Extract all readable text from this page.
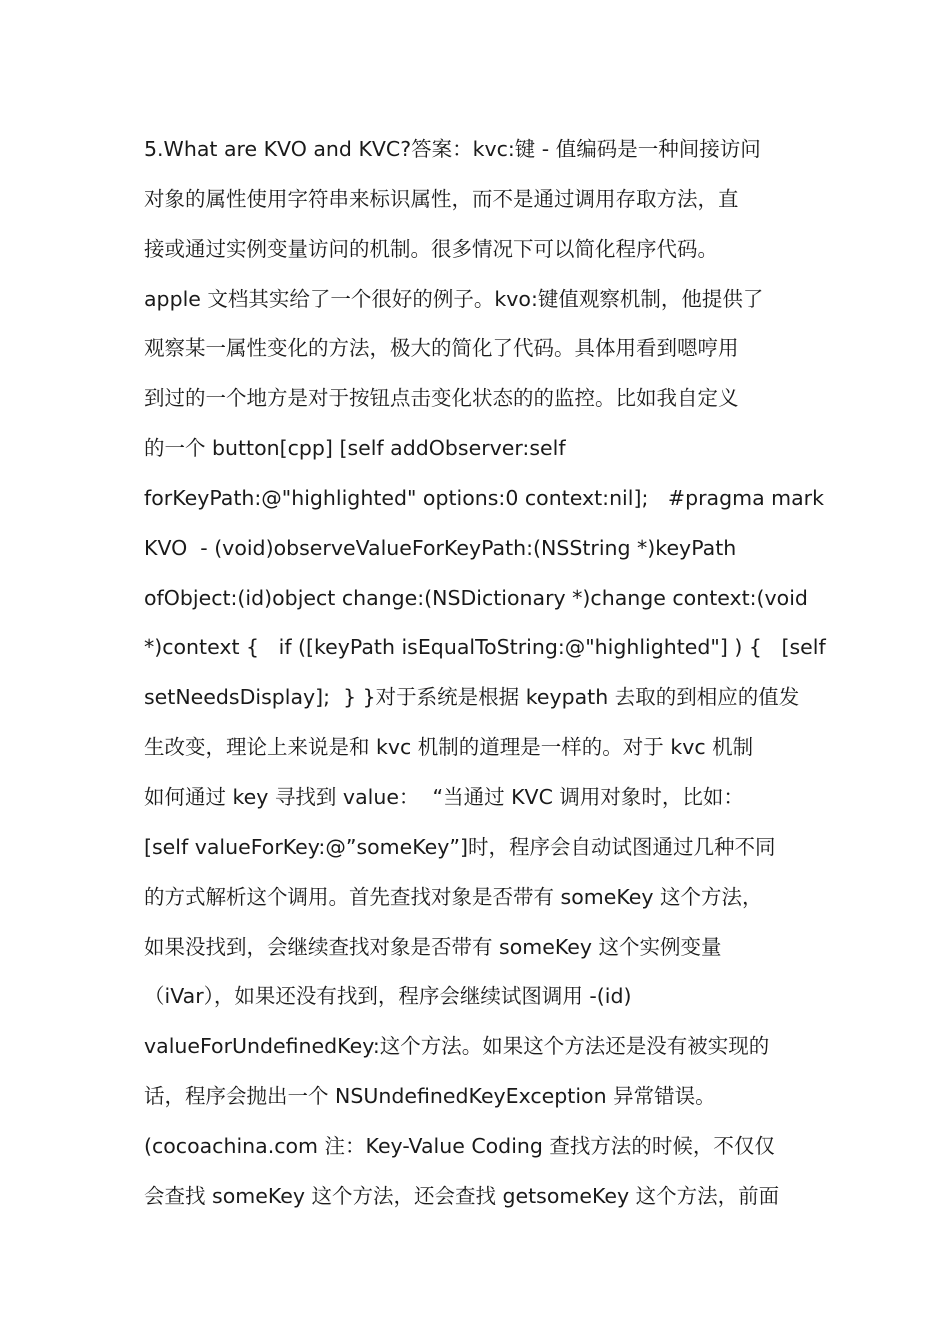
5.What are KVO and KVC?答案：kvc:键 - 值编码是一种间接访问
对象的属性使用字符串来标识属性，而不是通过调用存取方法，直
接或通过实例变量访问的机制。很多情况下可以简化程序代码。
apple 文档其实给了一个很好的例子。kvo:键值观察机制，他提供了
观察某一属性变化的方法，极大的简化了代码。具体用看到嗯哼用
到过的一个地方是对于按钮点击变化状态的的监控。比如我自定义
的一个 button[cpp] [self addObserver:self
forKeyPath:@"highlighted" options:0 context:nil];   #pragma mark
KVO  - (void)observeValueForKeyPath:(NSString *)keyPath
ofObject:(id)object change:(NSDictionary *)change context:(void
*)context {   if ([keyPath isEqualToString:@"highlighted"] ) {   [self
setNeedsDisplay];  } }对于系统是根据 keypath 去取的到相应的值发
生改变，理论上来说是和 kvc 机制的道理是一样的。对于 kvc 机制
如何通过 key 寻找到 value：  “当通过 KVC 调用对象时，比如：
[self valueForKey:@”someKey”]时，程序会自动试图通过几种不同
的方式解析这个调用。首先查找对象是否带有 someKey 这个方法，
如果没找到，会继续查找对象是否带有 someKey 这个实例变量
（iVar），如果还没有找到，程序会继续试图调用 -(id)
valueForUndefinedKey:这个方法。如果这个方法还是没有被实现的
话，程序会抛出一个 NSUndefinedKeyException 异常错误。
(cocoachina.com 注：Key-Value Coding 查找方法的时候，不仅仅
会查找 someKey 这个方法，还会查找 getsomeKey 这个方法，前面
